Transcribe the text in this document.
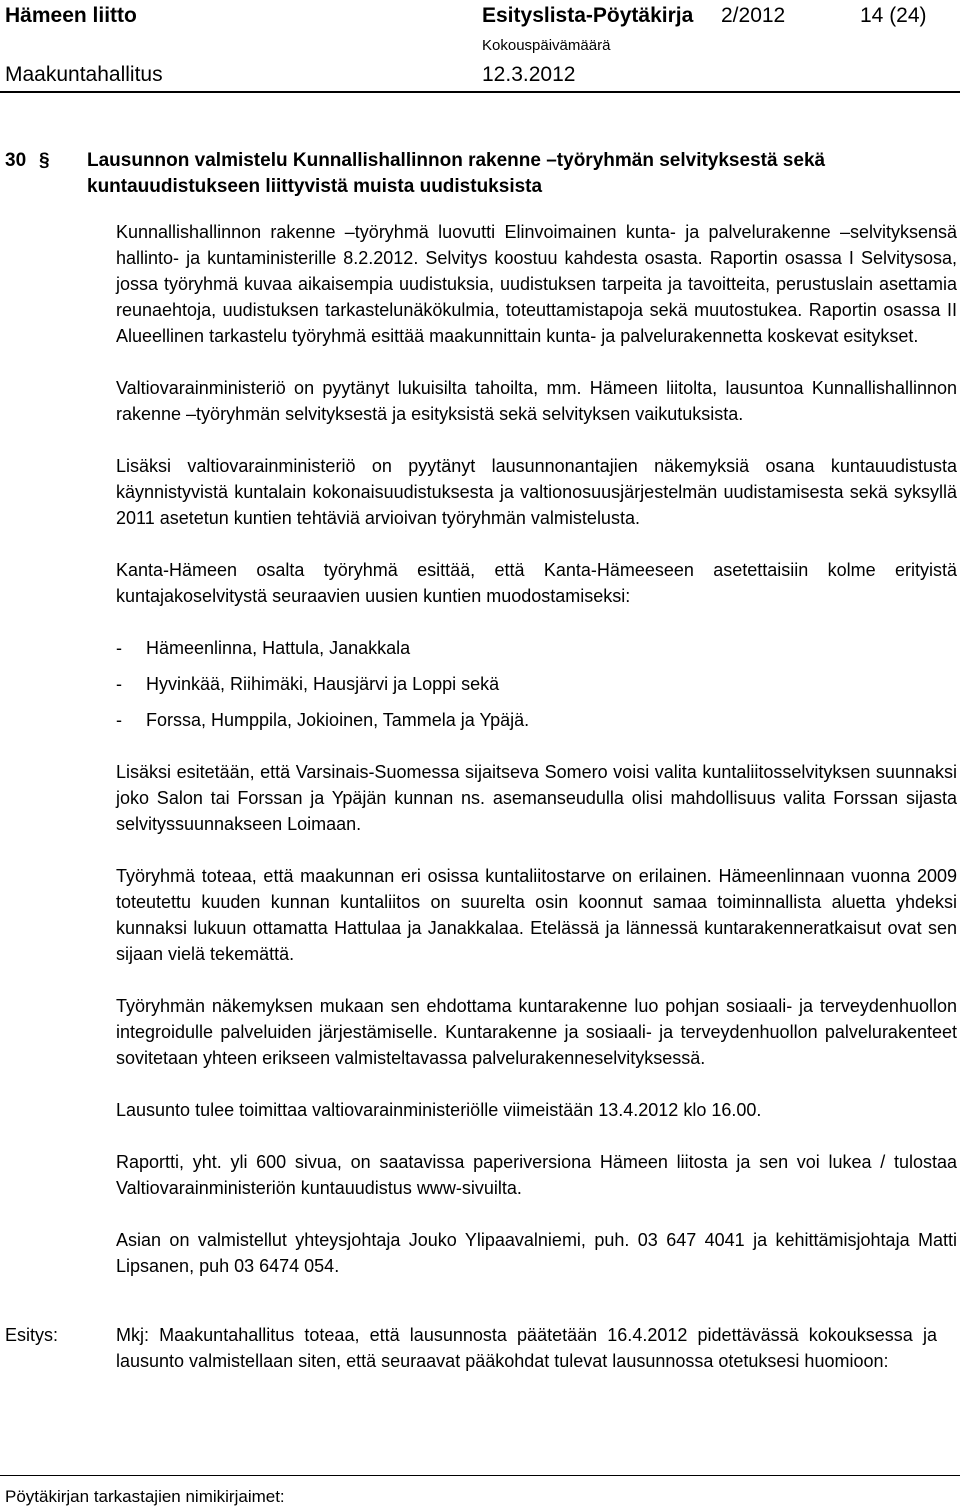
Hämeen liitto	Esityslista-Pöytäkirja 2/2012	14 (24)
Kokouspäivämäärä
Maakuntahallitus	12.3.2012
30 § Lausunnon valmistelu Kunnallishallinnon rakenne –työryhmän selvityksestä sekä kuntauudistukseen liittyvistä muista uudistuksista

Kunnallishallinnon rakenne –työryhmä luovutti Elinvoimainen kunta- ja palvelurakenne –selvityksensä hallinto- ja kuntaministerille 8.2.2012. Selvitys koostuu kahdesta osasta. Raportin osassa I Selvitysosa, jossa työryhmä kuvaa aikaisempia uudistuksia, uudistuksen tarpeita ja tavoitteita, perustuslain asettamia reunaehtoja, uudistuksen tarkastelunäkökulmia, toteuttamistapoja sekä muutostukea. Raportin osassa II Alueellinen tarkastelu työryhmä esittää maakunnittain kunta- ja palvelurakennetta koskevat esitykset.

Valtiovarainministeriö on pyytänyt lukuisilta tahoilta, mm. Hämeen liitolta, lausuntoa Kunnallishallinnon rakenne –työryhmän selvityksestä ja esityksistä sekä selvityksen vaikutuksista.

Lisäksi valtiovarainministeriö on pyytänyt lausunnonantajien näkemyksiä osana kuntauudistusta käynnistyvistä kuntalain kokonaisuudistuksesta ja valtionosuusjärjestelmän uudistamisesta sekä syksyllä 2011 asetetun kuntien tehtäviä arvioivan työryhmän valmistelusta.

Kanta-Hämeen osalta työryhmä esittää, että Kanta-Hämeeseen asetettaisiin kolme erityistä kuntajakoselvitystä seuraavien uusien kuntien muodostamiseksi:

-	Hämeenlinna, Hattula, Janakkala
-	Hyvinkää, Riihimäki, Hausjärvi ja Loppi sekä
-	Forssa, Humppila, Jokioinen, Tammela ja Ypäjä.

Lisäksi esitetään, että Varsinais-Suomessa sijaitseva Somero voisi valita kuntaliitosselvityksen suunnaksi joko Salon tai Forssan ja Ypäjän kunnan ns. asemanseudulla olisi mahdollisuus valita Forssan sijasta selvityssuunnakseen Loimaan.

Työryhmä toteaa, että maakunnan eri osissa kuntaliitostarve on erilainen. Hämeenlinnaan vuonna 2009 toteutettu kuuden kunnan kuntaliitos on suurelta osin koonnut samaa toiminnallista aluetta yhdeksi kunnaksi lukuun ottamatta Hattulaa ja Janakkalaa. Etelässä ja lännessä kuntarakenneratkaisut ovat sen sijaan vielä tekemättä.

Työryhmän näkemyksen mukaan sen ehdottama kuntarakenne luo pohjan sosiaali- ja terveydenhuollon integroidulle palveluiden järjestämiselle. Kuntarakenne ja sosiaali- ja terveydenhuollon palvelurakenteet sovitetaan yhteen erikseen valmisteltavassa palvelurakenneselvityksessä.

Lausunto tulee toimittaa valtiovarainministeriölle viimeistään 13.4.2012 klo 16.00.

Raportti, yht. yli 600 sivua, on saatavissa paperiversiona Hämeen liitosta ja sen voi lukea / tulostaa Valtiovarainministeriön kuntauudistus www-sivuilta.

Asian on valmistellut yhteysjohtaja Jouko Ylipaavalniemi, puh. 03 647 4041 ja kehittämisjohtaja Matti Lipsanen, puh 03 6474 054.

Esitys:	Mkj: Maakuntahallitus toteaa, että lausunnosta päätetään 16.4.2012 pidettävässä kokouksessa ja lausunto valmistellaan siten, että seuraavat pääkohdat tulevat lausunnossa otetuksesi huomioon:

Pöytäkirjan tarkastajien nimikirjaimet:
